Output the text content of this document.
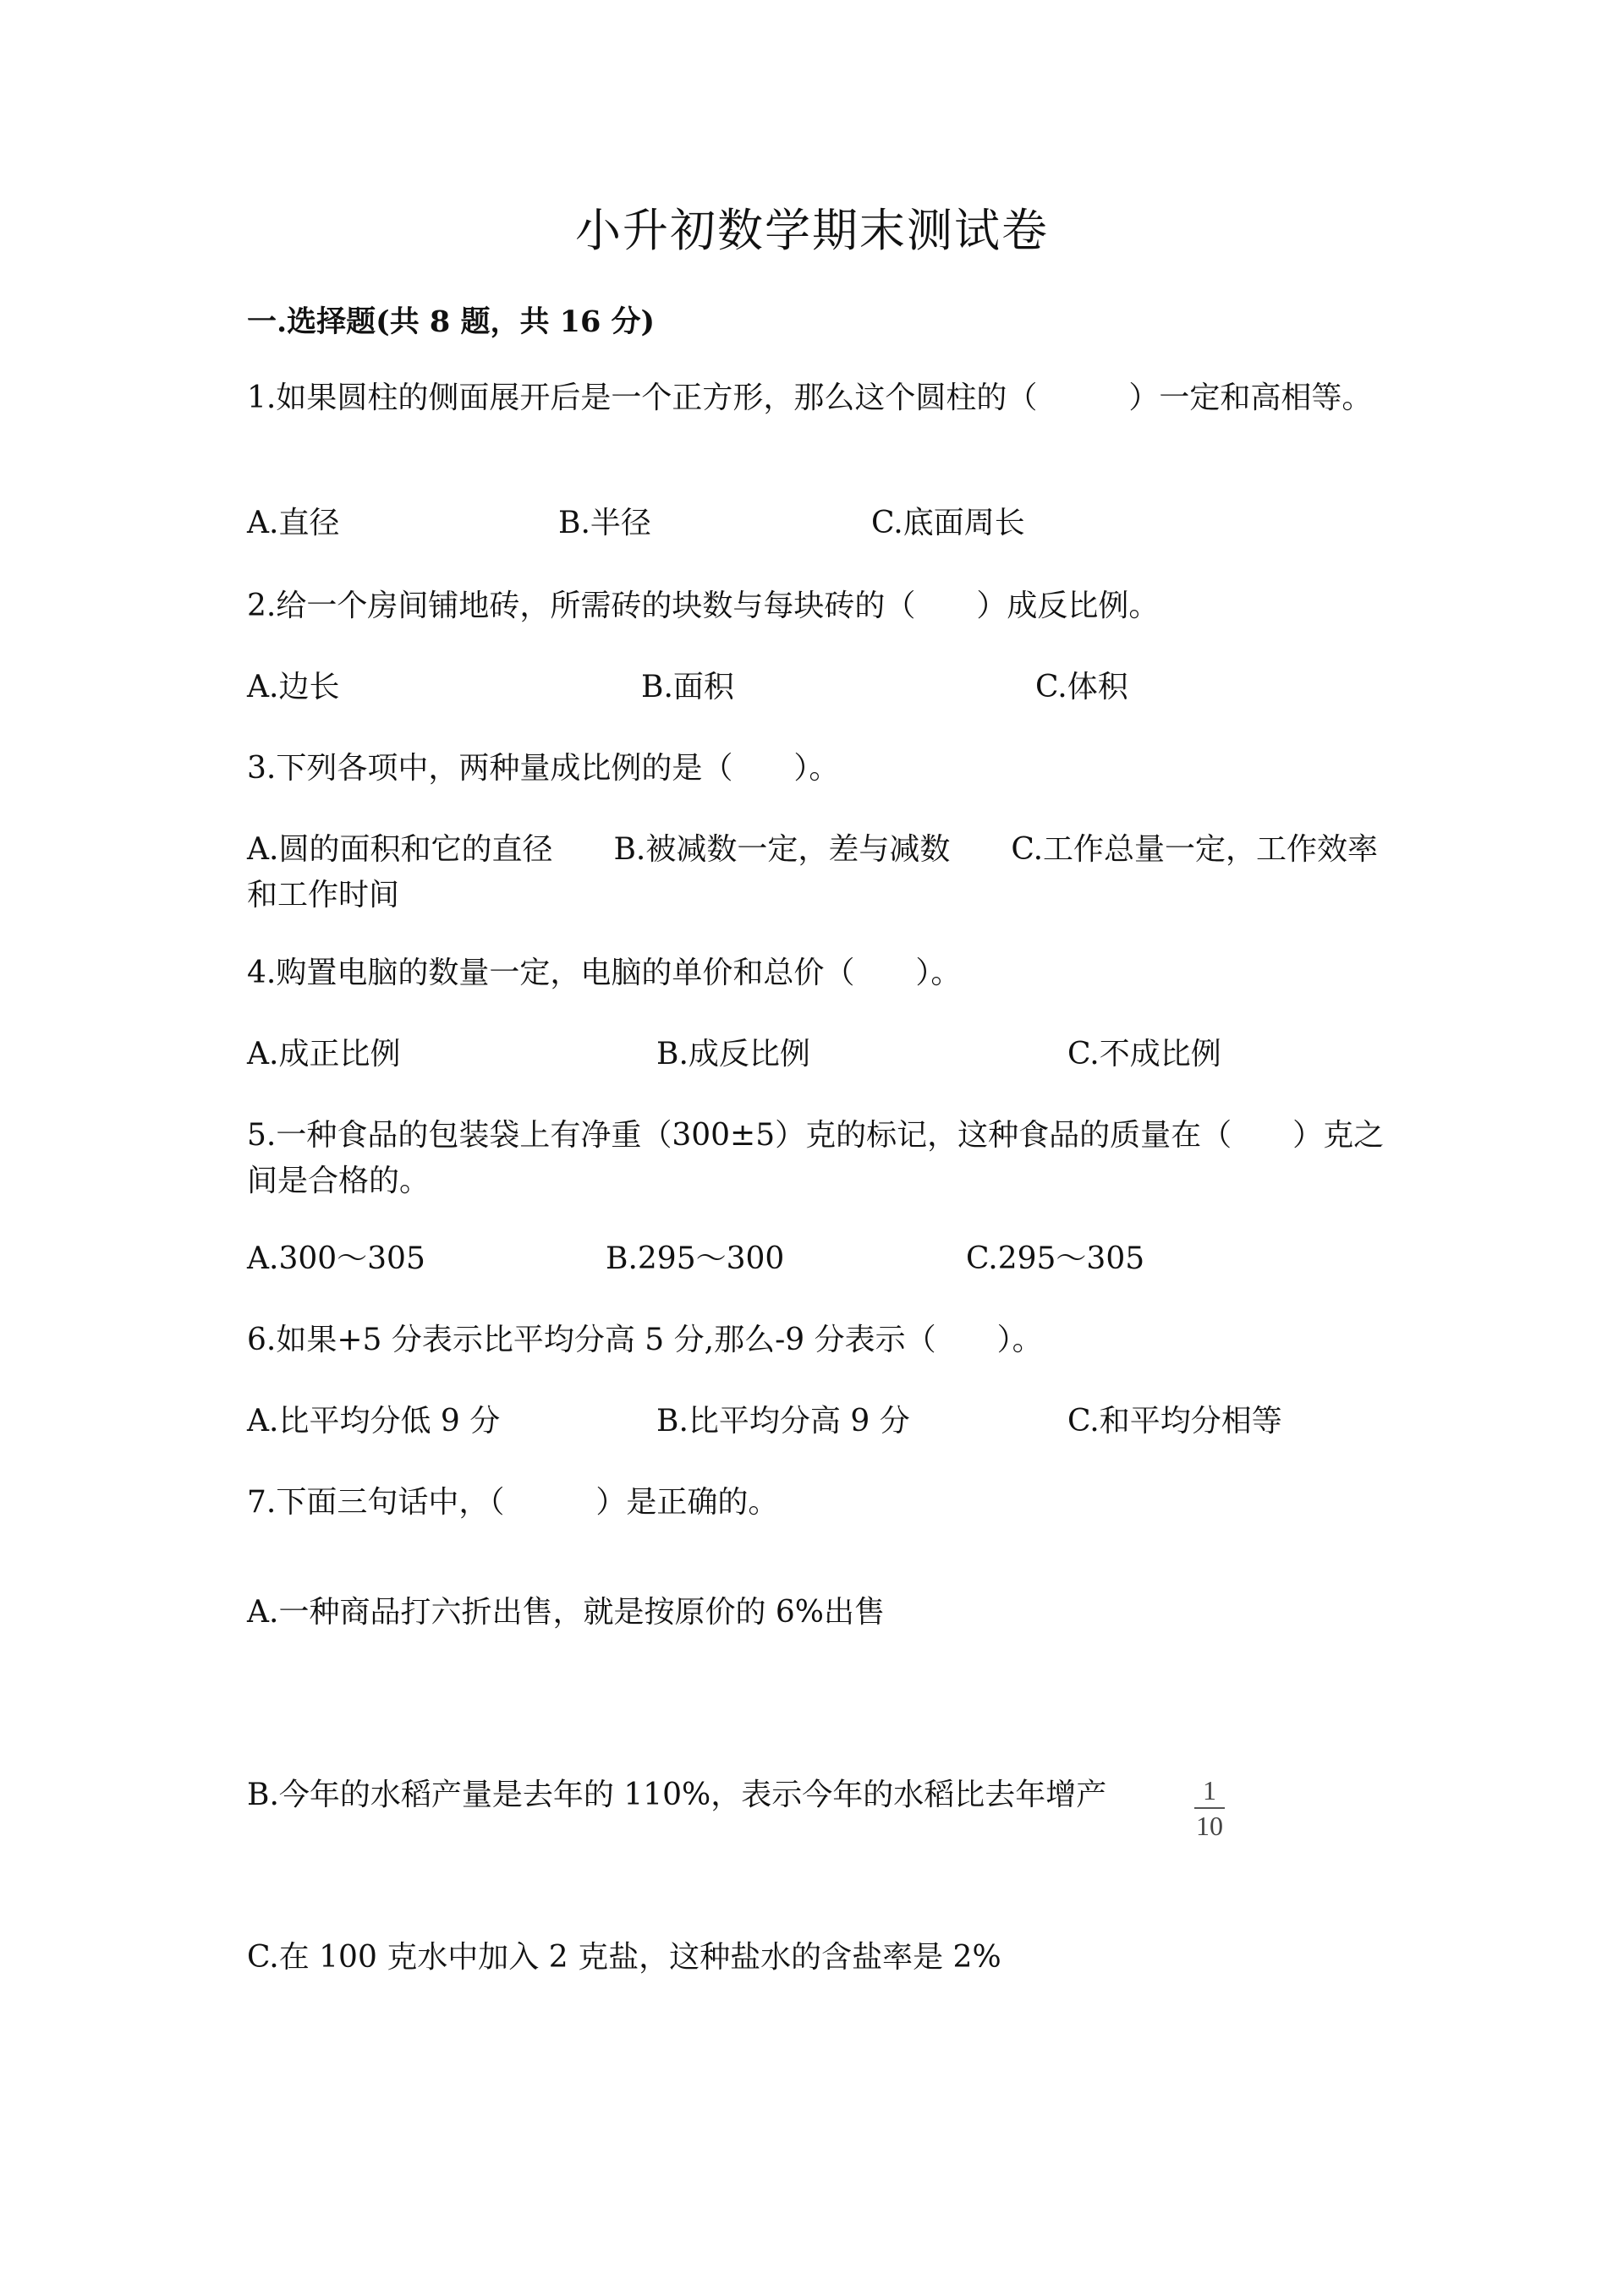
小升初数学期末测试卷
一.选择题(共 8 题，共 16 分)
1.如果圆柱的侧面展开后是一个正方形，那么这个圆柱的（　　　）一定和高相等。
A.直径	B.半径	C.底面周长
2.给一个房间铺地砖，所需砖的块数与每块砖的（　　）成反比例。
A.边长	B.面积	C.体积
3.下列各项中，两种量成比例的是（　　）。
A.圆的面积和它的直径　　B.被减数一定，差与减数　　C.工作总量一定，工作效率和工作时间
4.购置电脑的数量一定，电脑的单价和总价（　　）。
A.成正比例	B.成反比例	C.不成比例
5.一种食品的包装袋上有净重（300±5）克的标记，这种食品的质量在（　　）克之间是合格的。
A.300～305	B.295～300	C.295～305
6.如果+5 分表示比平均分高 5 分,那么-9 分表示（　　）。
A.比平均分低 9 分	B.比平均分高 9 分	C.和平均分相等
7.下面三句话中，（　　　）是正确的。
A.一种商品打六折出售，就是按原价的 6%出售
B.今年的水稻产量是去年的 110%，表示今年的水稻比去年增产	1
10
C.在 100 克水中加入 2 克盐，这种盐水的含盐率是 2%
